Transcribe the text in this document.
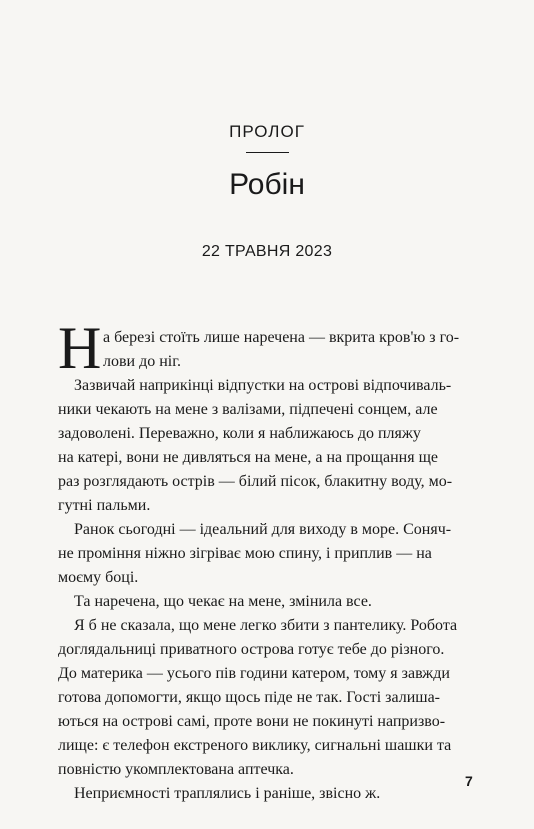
ПРОЛОГ
Робін
22 ТРАВНЯ 2023
Н а березі стоїть лише наречена — вкрита кров'ю з го-
лови до ніг.
Зазвичай наприкінці відпустки на острові відпочиваль-
ники чекають на мене з валізами, підпечені сонцем, але
задоволені. Переважно, коли я наближаюсь до пляжу
на катері, вони не дивляться на мене, а на прощання ще
раз розглядають острів — білий пісок, блакитну воду, мо-
гутні пальми.
Ранок сьогодні — ідеальний для виходу в море. Соняч-
не проміння ніжно зігріває мою спину, і приплив — на
моєму боці.
Та наречена, що чекає на мене, змінила все.
Я б не сказала, що мене легко збити з пантелику. Робота
доглядальниці приватного острова готує тебе до різного.
До материка — усього пів години катером, тому я завжди
готова допомогти, якщо щось піде не так. Гості залиша-
ються на острові самі, проте вони не покинуті напризво-
лище: є телефон екстреного виклику, сигнальні шашки та
повністю укомплектована аптечка.
Неприємності траплялись і раніше, звісно ж.
7
